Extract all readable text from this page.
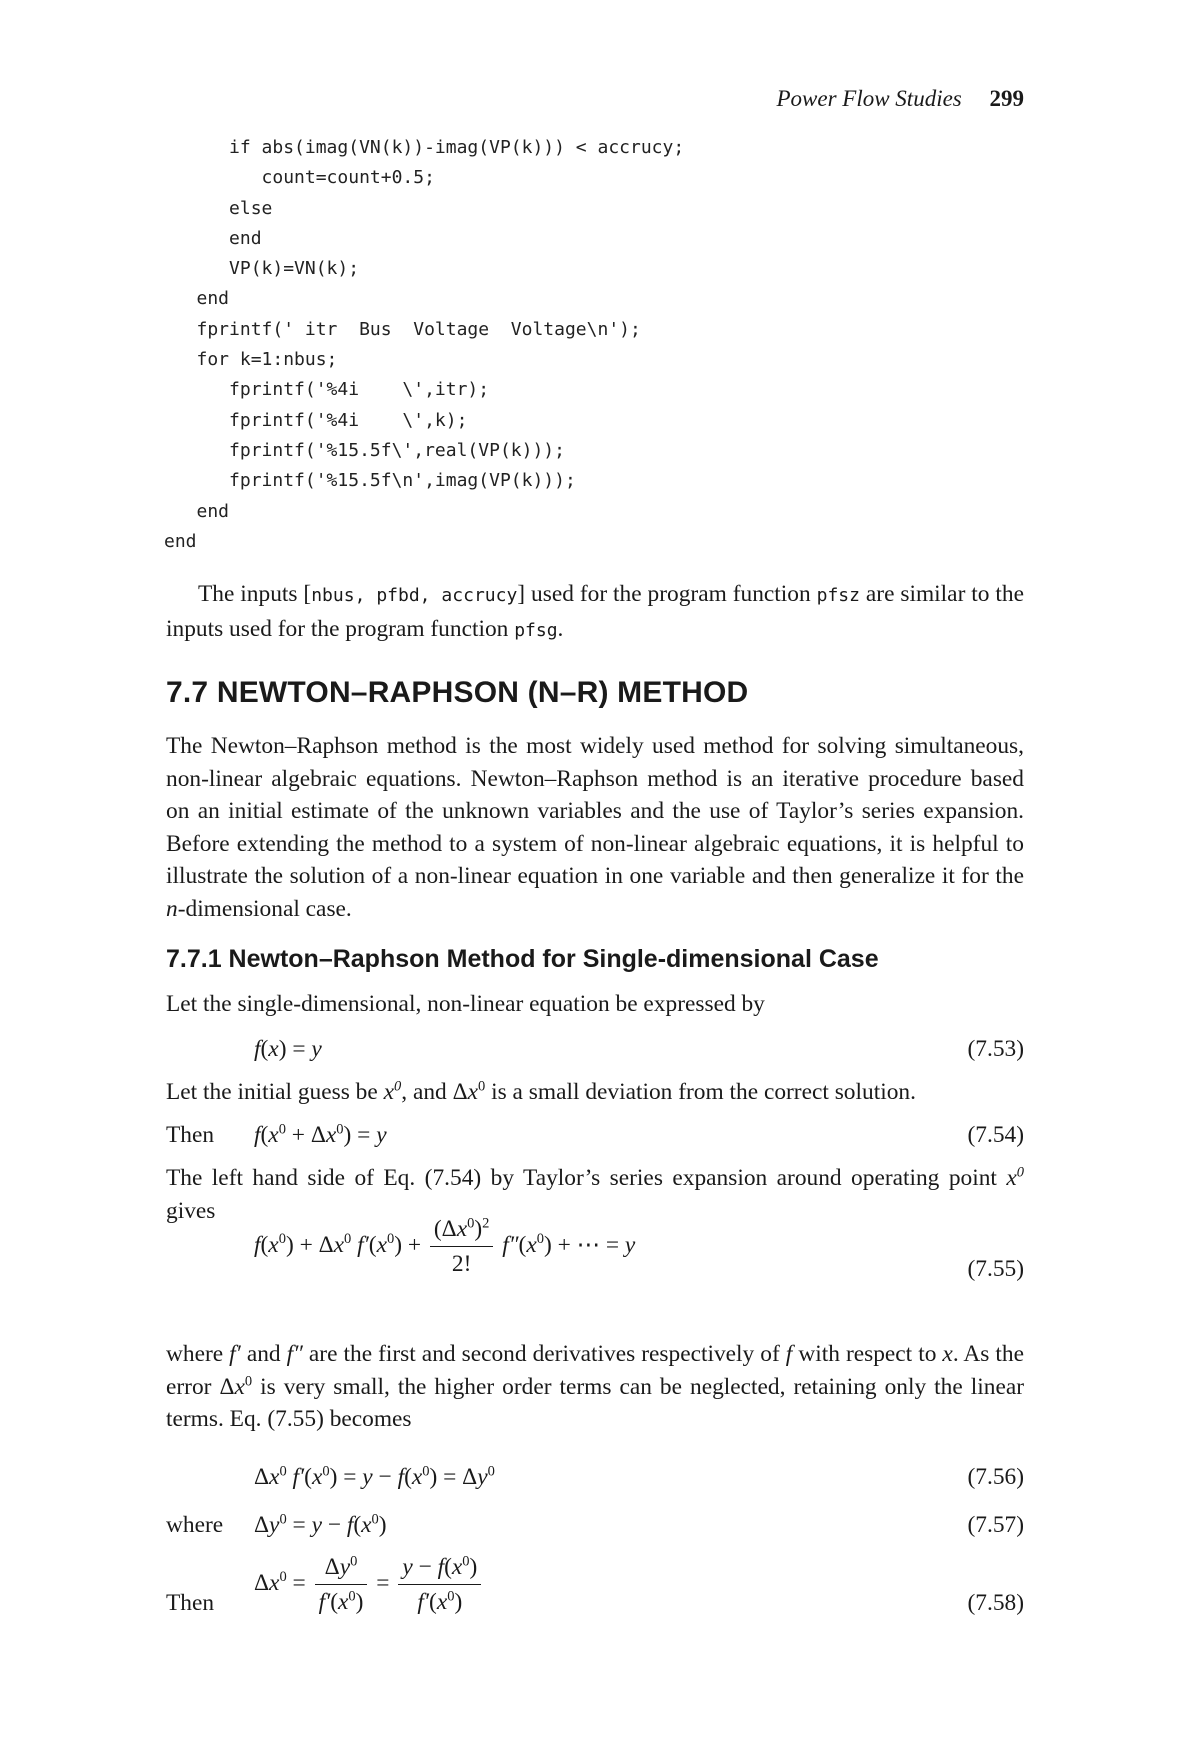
Power Flow Studies 299
if abs(imag(VN(k))-imag(VP(k))) < accrucy;
count=count+0.5;
else
end
VP(k)=VN(k);
end
fprintf(' itr  Bus  Voltage  Voltage\n');
for k=1:nbus;
fprintf('%4i    \',itr);
fprintf('%4i    \',k);
fprintf('%15.5f\',real(VP(k)));
fprintf('%15.5f\n',imag(VP(k)));
end
end

The inputs [nbus, pfbd, accrucy] used for the program function pfsz are similar to the inputs used for the program function pfsg.

7.7 NEWTON–RAPHSON (N–R) METHOD

The Newton–Raphson method is the most widely used method for solving simultaneous, non-linear algebraic equations. Newton–Raphson method is an iterative procedure based on an initial estimate of the unknown variables and the use of Taylor’s series expansion. Before extending the method to a system of non-linear algebraic equations, it is helpful to illustrate the solution of a non-linear equation in one variable and then generalize it for the n-dimensional case.

7.7.1 Newton–Raphson Method for Single-dimensional Case

Let the single-dimensional, non-linear equation be expressed by

f(x) = y	(7.53)

Let the initial guess be $x^0$, and $\Delta x^0$ is a small deviation from the correct solution.

Then $f(x^0 + \Delta x^0) = y$	(7.54)

The left hand side of Eq. (7.54) by Taylor’s series expansion around operating point $x^0$ gives

$f(x^0) + \Delta x^0$ $f'(x^0) + \frac{(\Delta x^0)^2}{2!} f''(x^0)$ + ⋯ = y
(7.55)

where f′ and f″ are the first and second derivatives respectively of f with respect to x. As the error $\Delta x^0$ is very small, the higher order terms can be neglected, retaining only the linear terms. Eq. (7.55) becomes

$\Delta x^0$ $f'(x^0) = y - f(x^0) = \Delta y^0$	(7.56)
where $\Delta y^0 = y - f(x^0)$	(7.57)
Then
$\Delta x^0 = \frac{\Delta y^0}{f'(x^0)} = \frac{y - f(x^0)}{f'(x^0)}$	(7.58)
